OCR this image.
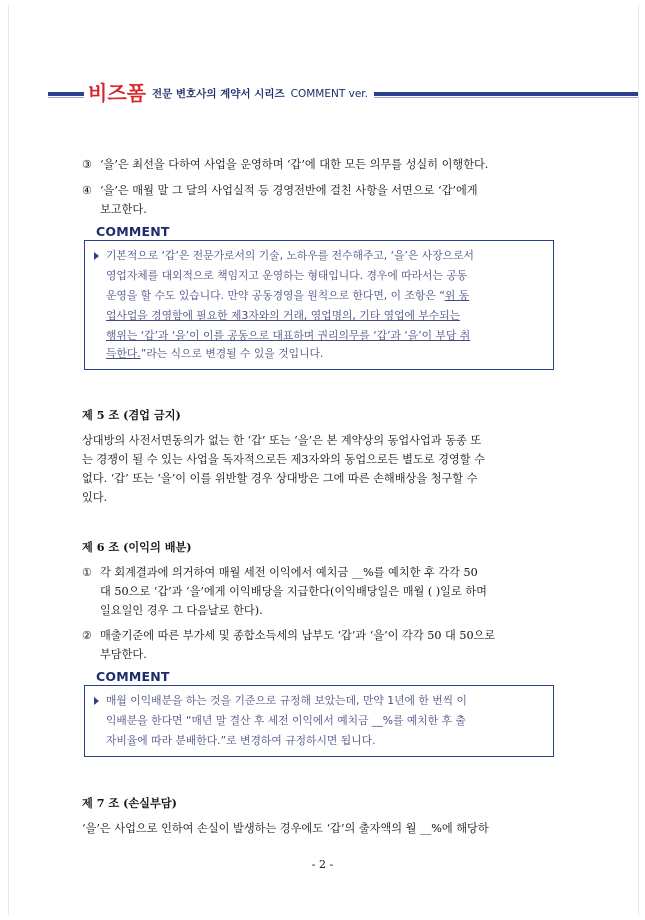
비즈폼 전문 변호사의 계약서 시리즈 COMMENT ver.
③ ‘을’은 최선을 다하여 사업을 운영하며 ‘갑’에 대한 모든 의무를 성실히 이행한다.
④ ‘을’은 매월 말 그 달의 사업실적 등 경영전반에 걸친 사항을 서면으로 ‘갑’에게
보고한다.
COMMENT
기본적으로 ‘갑’은 전문가로서의 기술, 노하우를 전수해주고, ‘을’은 사장으로서
영업자체를 대외적으로 책임지고 운영하는 형태입니다. 경우에 따라서는 공동
운영을 할 수도 있습니다. 만약 공동경영을 원칙으로 한다면, 이 조항은 “위 동
업사업을 경영함에 필요한 제3자와의 거래, 영업명의, 기타 영업에 부수되는
행위는 ‘갑’과 ‘을’이 이를 공동으로 대표하며 권리의무를 ‘갑’과 ‘을’이 부담 취
득한다.”라는 식으로 변경될 수 있을 것입니다.
제 5 조 (겸업 금지)
상대방의 사전서면동의가 없는 한 ‘갑’ 또는 ‘을’은 본 계약상의 동업사업과 동종 또
는 경쟁이 될 수 있는 사업을 독자적으로든 제3자와의 동업으로든 별도로 경영할 수
없다. ‘갑’ 또는 ‘을’이 이를 위반할 경우 상대방은 그에 따른 손해배상을 청구할 수
있다.
제 6 조 (이익의 배분)
① 각 회계결과에 의거하여 매월 세전 이익에서 예치금 __%를 예치한 후 각각 50
대 50으로 ‘갑’과 ‘을’에게 이익배당을 지급한다(이익배당일은 매월 ( )일로 하며
일요일인 경우 그 다음날로 한다).
② 매출기준에 따른 부가세 및 종합소득세의 납부도 ‘갑’과 ‘을’이 각각 50 대 50으로
부담한다.
COMMENT
매월 이익배분을 하는 것을 기준으로 규정해 보았는데, 만약 1년에 한 번씩 이
익배분을 한다면 “매년 말 결산 후 세전 이익에서 예치금 __%를 예치한 후 출
자비율에 따라 분배한다.”로 변경하여 규정하시면 됩니다.
제 7 조 (손실부담)
‘을’은 사업으로 인하여 손실이 발생하는 경우에도 ‘갑’의 출자액의 월 __%에 해당하
- 2 -
